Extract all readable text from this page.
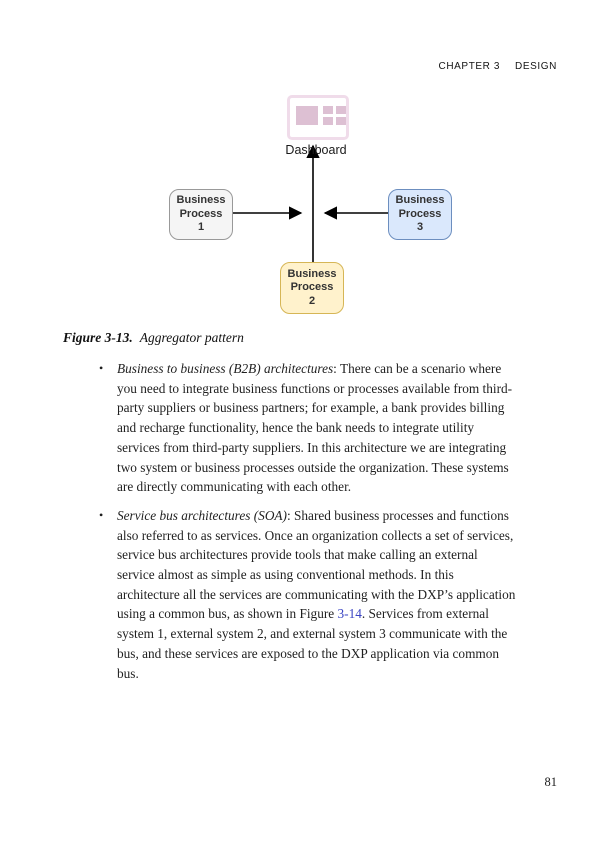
CHAPTER 3 DESIGN
Dashboard
Business
Process
1
Business
Process
2
Business
Process
3
Figure 3-13. Aggregator pattern
• Business to business (B2B) architectures: There can be a scenario where you need to integrate business functions or processes available from third-party suppliers or business partners; for example, a bank provides billing and recharge functionality, hence the bank needs to integrate utility services from third-party suppliers. In this architecture we are integrating two system or business processes outside the organization. These systems are directly communicating with each other.
• Service bus architectures (SOA): Shared business processes and functions also referred to as services. Once an organization collects a set of services, service bus architectures provide tools that make calling an external service almost as simple as using conventional methods. In this architecture all the services are communicating with the DXP’s application using a common bus, as shown in Figure 3-14. Services from external system 1, external system 2, and external system 3 communicate with the bus, and these services are exposed to the DXP application via common bus.
81
